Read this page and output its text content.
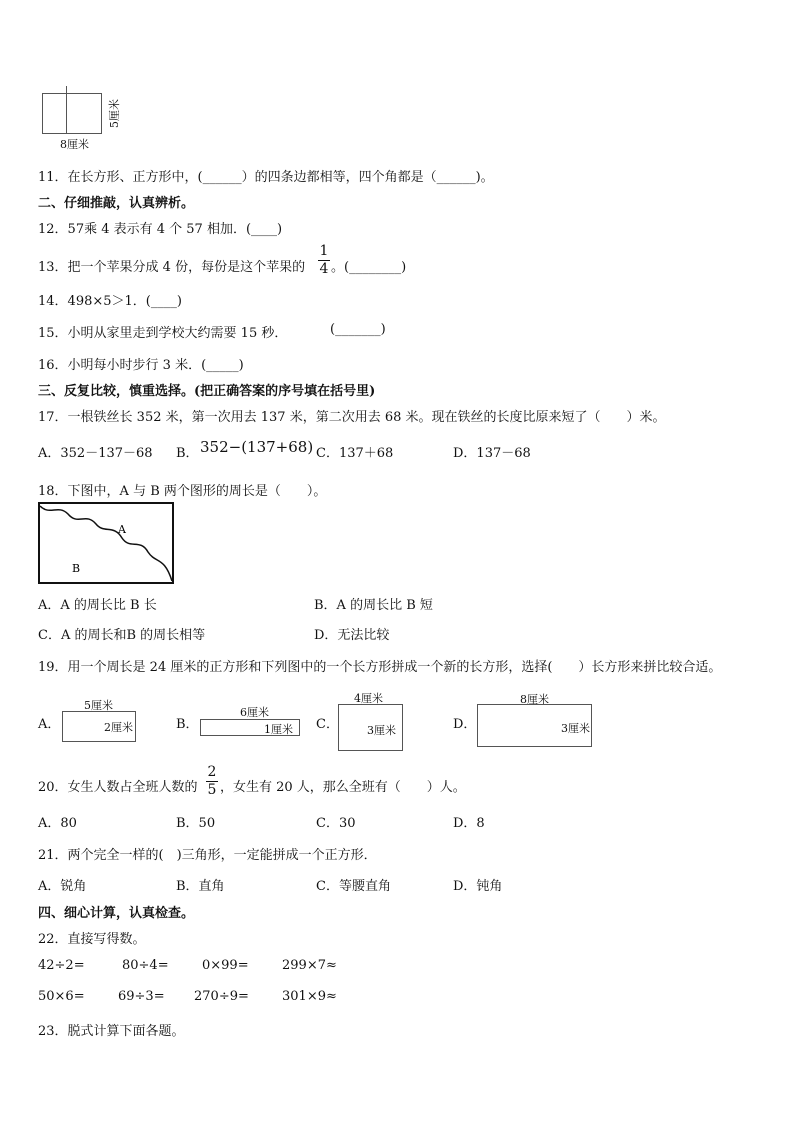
8厘米
5厘米
11．在长方形、正方形中，(______）的四条边都相等，四个角都是（______)。
二、仔细推敲，认真辨析。
12．57乘 4 表示有 4 个 57 相加．(____)
13．把一个苹果分成 4 份，每份是这个苹果的
1
4 。(________)
14．498×5＞1．(____)
15．小明从家里走到学校大约需要 15 秒．	(_______)
16．小明每小时步行 3 米．(_____)
三、反复比较，慎重选择。(把正确答案的序号填在括号里)
17．一根铁丝长 352 米，第一次用去 137 米，第二次用去 68 米。现在铁丝的长度比原来短了（　　）米。
A．352－137－68 B． 352−(137+68) C．137＋68	D．137－68
18．下图中，A 与 B 两个图形的周长是（　　）。
A
B
A．A 的周长比 B 长	B．A 的周长比 B 短
C．A 的周长和B 的周长相等	D．无法比较
19．用一个周长是 24 厘米的正方形和下列图中的一个长方形拼成一个新的长方形，选择(　　）长方形来拼比较合适。
A．
5厘米
2厘米	B．
6厘米
1厘米 C．
4厘米
3厘米	D．
8厘米
3厘米
20．女生人数占全班人数的
2
5 ，女生有 20 人，那么全班有（　　）人。
A．80	B．50	C．30	D．8
21．两个完全一样的(　)三角形，一定能拼成一个正方形．
A．锐角	B．直角	C．等腰直角	D．钝角
四、细心计算，认真检查。
22．直接写得数。
42÷2=	80÷4=	0×99=	299×7≈
50×6=	69÷3= 270÷9=	301×9≈
23．脱式计算下面各题。
